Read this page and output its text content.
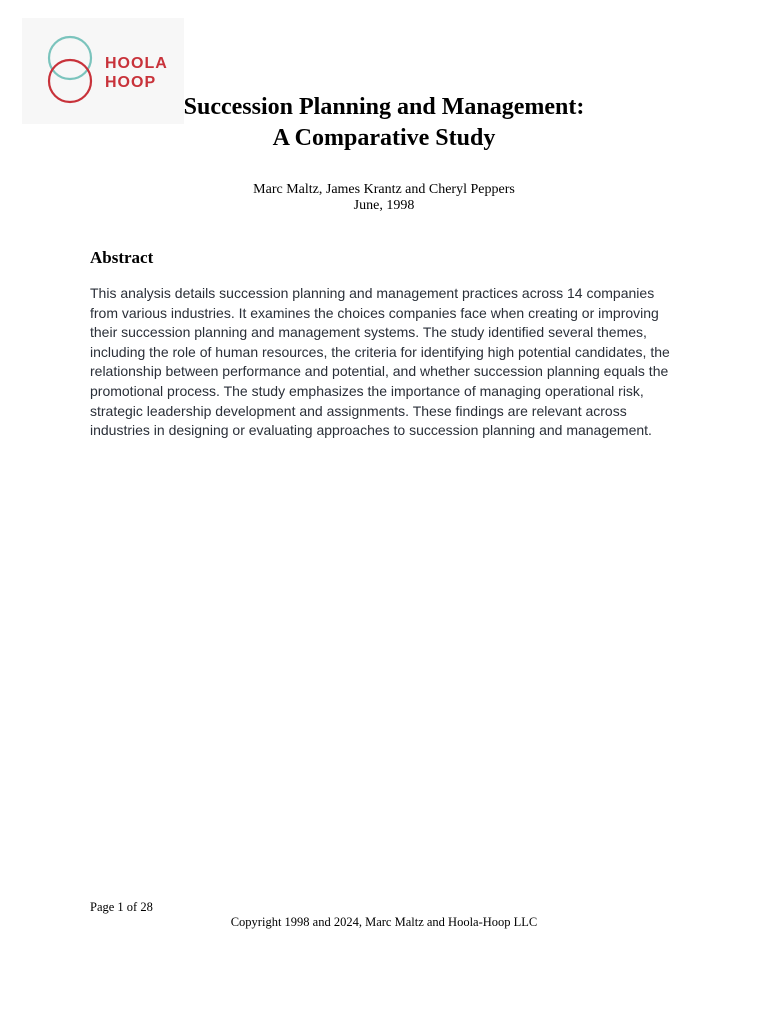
HOOLA
HOOP
Succession Planning and Management:
A Comparative Study
Marc Maltz, James Krantz and Cheryl Peppers
June, 1998
Abstract
This analysis details succession planning and management practices across 14 companies from various industries. It examines the choices companies face when creating or improving their succession planning and management systems. The study identified several themes, including the role of human resources, the criteria for identifying high potential candidates, the relationship between performance and potential, and whether succession planning equals the promotional process. The study emphasizes the importance of managing operational risk, strategic leadership development and assignments. These findings are relevant across industries in designing or evaluating approaches to succession planning and management.
Page 1 of 28
Copyright 1998 and 2024, Marc Maltz and Hoola-Hoop LLC
